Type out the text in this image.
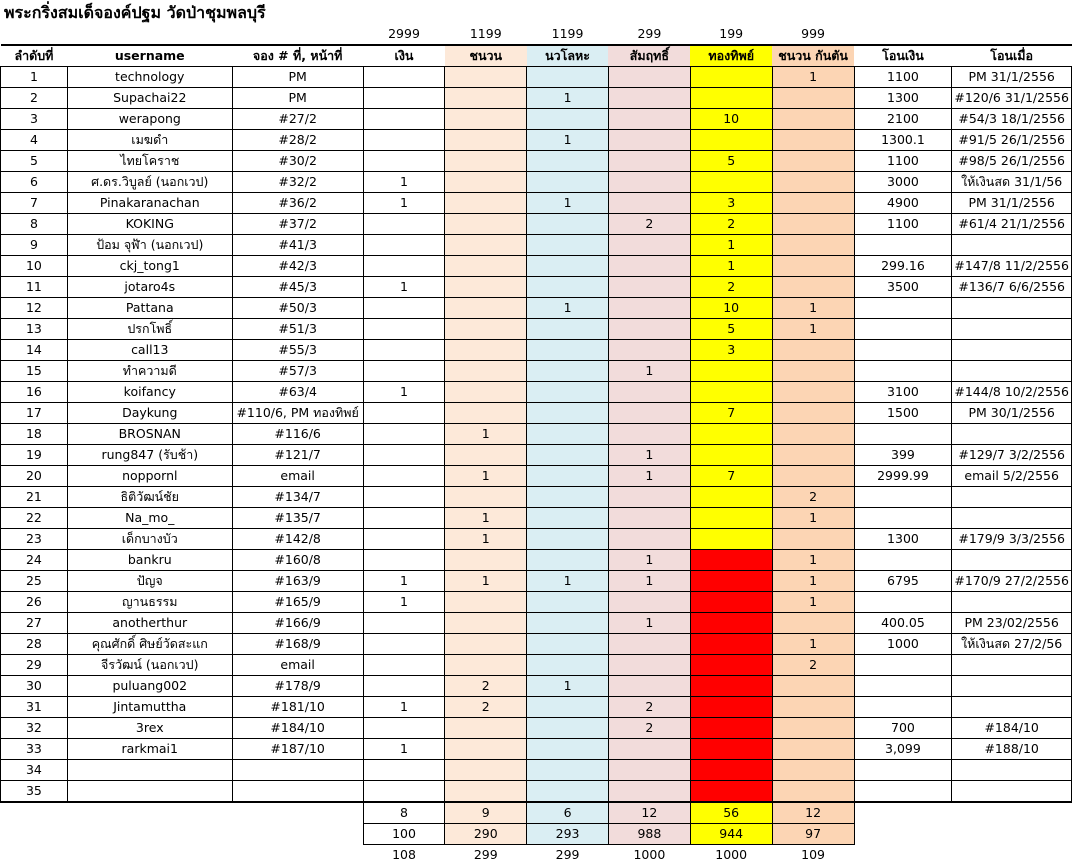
พระกริ่งสมเด็จองค์ปฐม วัดป่าชุมพลบุรี
			2999	1199	1199	299	199	999		
ลำดับที่	username	จอง # ที่, หน้าที่	เงิน	ชนวน	นวโลหะ	สัมฤทธิ์	ทองทิพย์	ชนวน กันตัน	โอนเงิน	โอนเมื่อ
1	technology	PM						1	1100	PM 31/1/2556
2	Supachai22	PM			1				1300	#120/6 31/1/2556
3	werapong	#27/2					10		2100	#54/3 18/1/2556
4	เมฆดำ	#28/2			1				1300.1	#91/5 26/1/2556
5	ไทยโคราช	#30/2					5		1100	#98/5 26/1/2556
6	ศ.ดร.วิบูลย์ (นอกเวป)	#32/2	1						3000	ให้เงินสด 31/1/56
7	Pinakaranachan	#36/2	1		1		3		4900	PM 31/1/2556
8	KOKING	#37/2				2	2		1100	#61/4 21/1/2556
9	ป้อม จุฬ้า (นอกเวป)	#41/3					1			
10	ckj_tong1	#42/3					1		299.16	#147/8 11/2/2556
11	jotaro4s	#45/3	1				2		3500	#136/7 6/6/2556
12	Pattana	#50/3			1		10	1		
13	ปรกโพธิ์	#51/3					5	1		
14	call13	#55/3					3			
15	ทำความดี	#57/3				1				
16	koifancy	#63/4	1						3100	#144/8 10/2/2556
17	Daykung	#110/6, PM ทองทิพย์					7		1500	PM 30/1/2556
18	BROSNAN	#116/6		1						
19	rung847 (รับช้า)	#121/7				1			399	#129/7 3/2/2556
20	noppornl	email		1		1	7		2999.99	email 5/2/2556
21	ธิติวัฒน์ชัย	#134/7						2		
22	Na_mo_	#135/7		1				1		
23	เด็กบางบัว	#142/8		1					1300	#179/9 3/3/2556
24	bankru	#160/8				1		1		
25	ปัญจ	#163/9	1	1	1	1		1	6795	#170/9 27/2/2556
26	ญานธรรม	#165/9	1					1		
27	anotherthur	#166/9				1			400.05	PM 23/02/2556
28	คุณศักดิ์ ศิษย์วัดสะแก	#168/9						1	1000	ให้เงินสด 27/2/56
29	จีรวัฒน์ (นอกเวป)	email						2		
30	puluang002	#178/9		2	1					
31	Jintamuttha	#181/10	1	2		2				
32	3rex	#184/10				2			700	#184/10
33	rarkmai1	#187/10	1						3,099	#188/10
34										
35										
			8	9	6	12	56	12		
			100	290	293	988	944	97		
			108	299	299	1000	1000	109		
